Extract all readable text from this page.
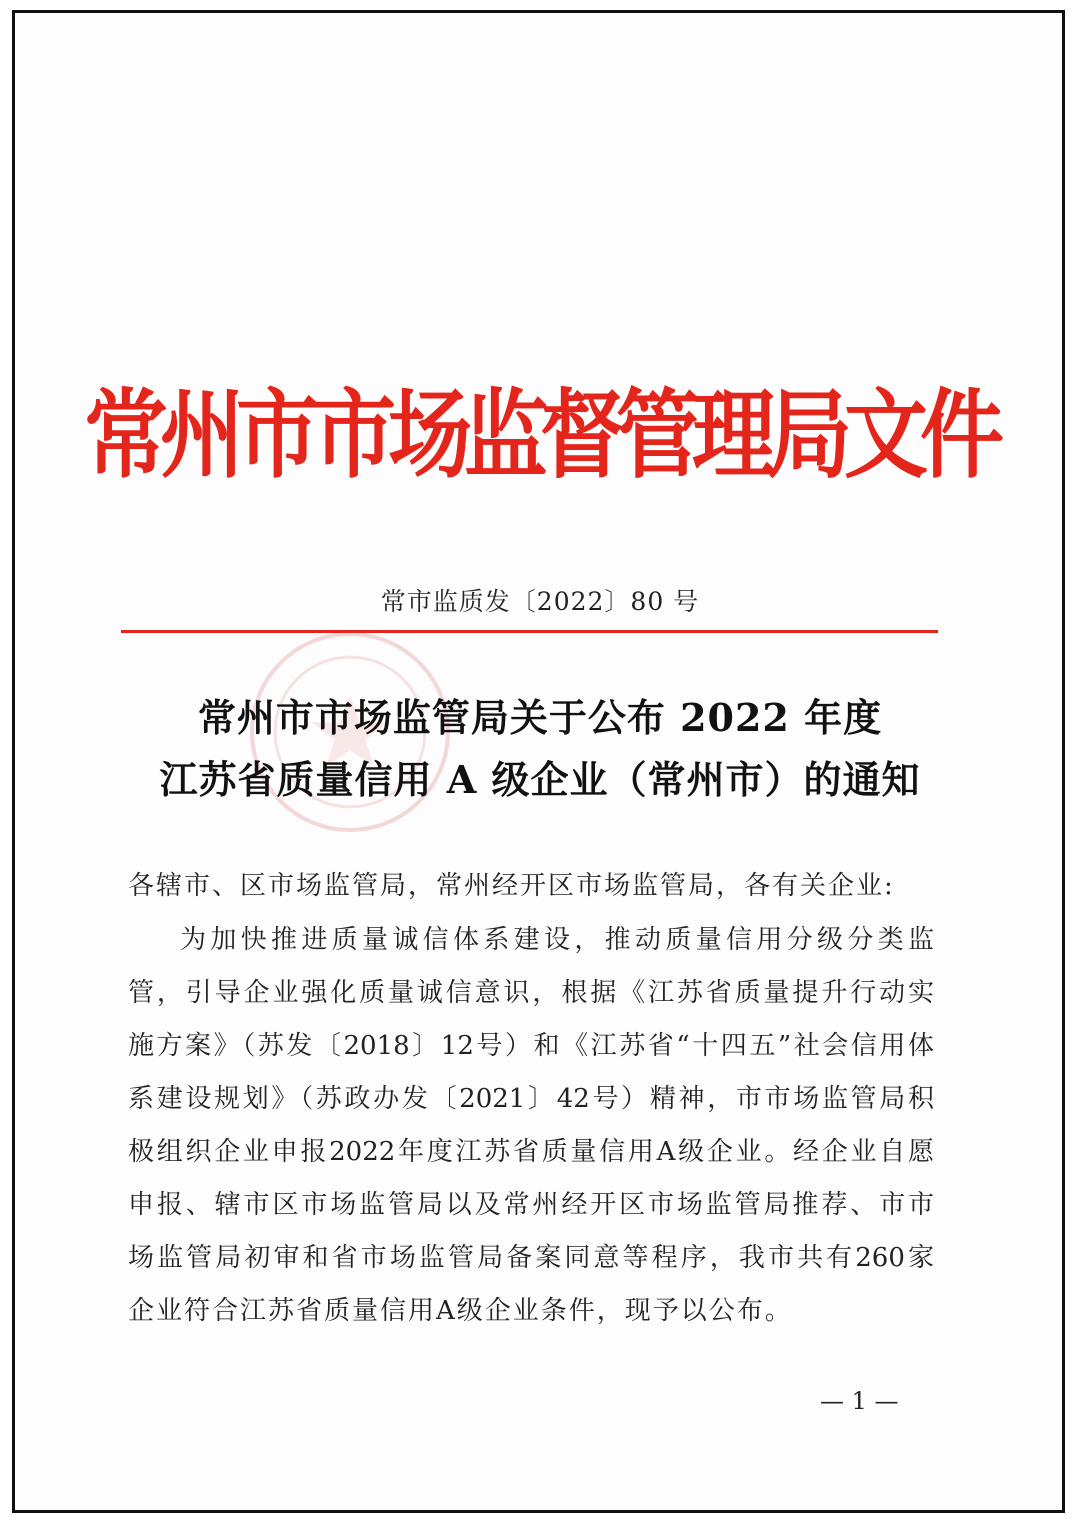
常州市市场监督管理局文件
常市监质发〔2022〕80 号
常州市市场监管局关于公布 2022 年度
江苏省质量信用 A 级企业（常州市）的通知
各辖市、区市场监管局，常州经开区市场监管局，各有关企业:
为加快推进质量诚信体系建设，推动质量信用分级分类监
管，引导企业强化质量诚信意识，根据《江苏省质量提升行动实
施方案》（苏发〔2018〕12号）和《江苏省“十四五”社会信用体
系建设规划》（苏政办发〔2021〕42号）精神，市市场监管局积
极组织企业申报2022年度江苏省质量信用A级企业。经企业自愿
申报、辖市区市场监管局以及常州经开区市场监管局推荐、市市
场监管局初审和省市场监管局备案同意等程序，我市共有260家
企业符合江苏省质量信用A级企业条件，现予以公布。
— 1 —
